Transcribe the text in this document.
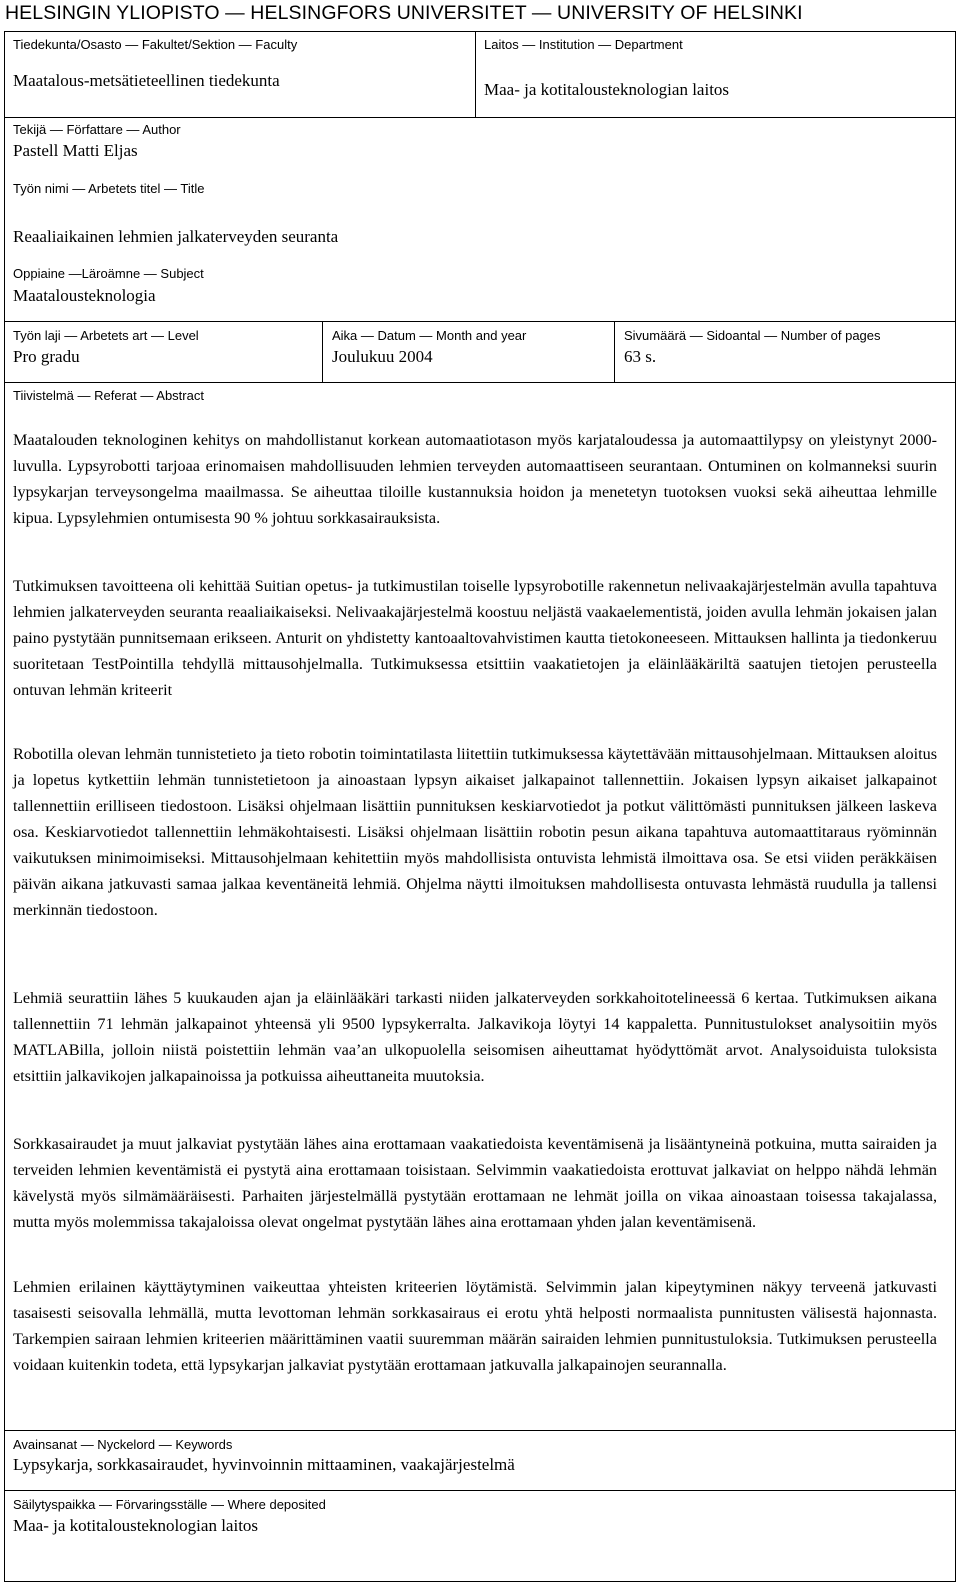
HELSINGIN YLIOPISTO — HELSINGFORS UNIVERSITET — UNIVERSITY OF HELSINKI
Tiedekunta/Osasto — Fakultet/Sektion — Faculty
Maatalous-metsätieteellinen tiedekunta
Laitos — Institution — Department
Maa- ja kotitalousteknologian laitos
Tekijä — Författare — Author
Pastell Matti Eljas
Työn nimi — Arbetets titel — Title
Reaaliaikainen lehmien jalkaterveyden seuranta
Oppiaine —Läroämne — Subject
Maatalousteknologia
Työn laji — Arbetets art — Level
Pro gradu
Aika — Datum — Month and year
Joulukuu 2004
Sivumäärä — Sidoantal — Number of pages
63 s.
Tiivistelmä — Referat — Abstract
Maatalouden teknologinen kehitys on mahdollistanut korkean automaatiotason myös karjataloudessa ja automaattilypsy on yleistynyt 2000-luvulla. Lypsyrobotti tarjoaa erinomaisen mahdollisuuden lehmien terveyden automaattiseen seurantaan. Ontuminen on kolmanneksi suurin lypsykarjan terveysongelma maailmassa. Se aiheuttaa tiloille kustannuksia hoidon ja menetetyn tuotoksen vuoksi sekä aiheuttaa lehmille kipua. Lypsylehmien ontumisesta 90 % johtuu sorkkasairauksista.
Tutkimuksen tavoitteena oli kehittää Suitian opetus- ja tutkimustilan toiselle lypsyrobotille rakennetun nelivaakajärjestelmän avulla tapahtuva lehmien jalkaterveyden seuranta reaaliaikaiseksi. Nelivaakajärjestelmä koostuu neljästä vaakaelementistä, joiden avulla lehmän jokaisen jalan paino pystytään punnitsemaan erikseen. Anturit on yhdistetty kantoaaltovahvistimen kautta tietokoneeseen. Mittauksen hallinta ja tiedonkeruu suoritetaan TestPointilla tehdyllä mittausohjelmalla. Tutkimuksessa etsittiin vaakatietojen ja eläinlääkäriltä saatujen tietojen perusteella ontuvan lehmän kriteerit
Robotilla olevan lehmän tunnistetieto ja tieto robotin toimintatilasta liitettiin tutkimuksessa käytettävään mittausohjelmaan. Mittauksen aloitus ja lopetus kytkettiin lehmän tunnistetietoon ja ainoastaan lypsyn aikaiset jalkapainot tallennettiin. Jokaisen lypsyn aikaiset jalkapainot tallennettiin erilliseen tiedostoon. Lisäksi ohjelmaan lisättiin punnituksen keskiarvotiedot ja potkut välittömästi punnituksen jälkeen laskeva osa. Keskiarvotiedot tallennettiin lehmäkohtaisesti. Lisäksi ohjelmaan lisättiin robotin pesun aikana tapahtuva automaattitaraus ryöminnän vaikutuksen minimoimiseksi. Mittausohjelmaan kehitettiin myös mahdollisista ontuvista lehmistä ilmoittava osa. Se etsi viiden peräkkäisen päivän aikana jatkuvasti samaa jalkaa keventäneitä lehmiä. Ohjelma näytti ilmoituksen mahdollisesta ontuvasta lehmästä ruudulla ja tallensi merkinnän tiedostoon.
Lehmiä seurattiin lähes 5 kuukauden ajan ja eläinlääkäri tarkasti niiden jalkaterveyden sorkkahoitotelineessä 6 kertaa. Tutkimuksen aikana tallennettiin 71 lehmän jalkapainot yhteensä yli 9500 lypsykerralta. Jalkavikoja löytyi 14 kappaletta. Punnitustulokset analysoitiin myös MATLABilla, jolloin niistä poistettiin lehmän vaa’an ulkopuolella seisomisen aiheuttamat hyödyttömät arvot. Analysoiduista tuloksista etsittiin jalkavikojen jalkapainoissa ja potkuissa aiheuttaneita muutoksia.
Sorkkasairaudet ja muut jalkaviat pystytään lähes aina erottamaan vaakatiedoista keventämisenä ja lisääntyneinä potkuina, mutta sairaiden ja terveiden lehmien keventämistä ei pystytä aina erottamaan toisistaan. Selvimmin vaakatiedoista erottuvat jalkaviat on helppo nähdä lehmän kävelystä myös silmämääräisesti. Parhaiten järjestelmällä pystytään erottamaan ne lehmät joilla on vikaa ainoastaan toisessa takajalassa, mutta myös molemmissa takajaloissa olevat ongelmat pystytään lähes aina erottamaan yhden jalan keventämisenä.
Lehmien erilainen käyttäytyminen vaikeuttaa yhteisten kriteerien löytämistä. Selvimmin jalan kipeytyminen näkyy terveenä jatkuvasti tasaisesti seisovalla lehmällä, mutta levottoman lehmän sorkkasairaus ei erotu yhtä helposti normaalista punnitusten välisestä hajonnasta. Tarkempien sairaan lehmien kriteerien määrittäminen vaatii suuremman määrän sairaiden lehmien punnitustuloksia. Tutkimuksen perusteella voidaan kuitenkin todeta, että lypsykarjan jalkaviat pystytään erottamaan jatkuvalla jalkapainojen seurannalla.
Avainsanat — Nyckelord — Keywords
Lypsykarja, sorkkasairaudet, hyvinvoinnin mittaaminen, vaakajärjestelmä
Säilytyspaikka — Förvaringsställe — Where deposited
Maa- ja kotitalousteknologian laitos
